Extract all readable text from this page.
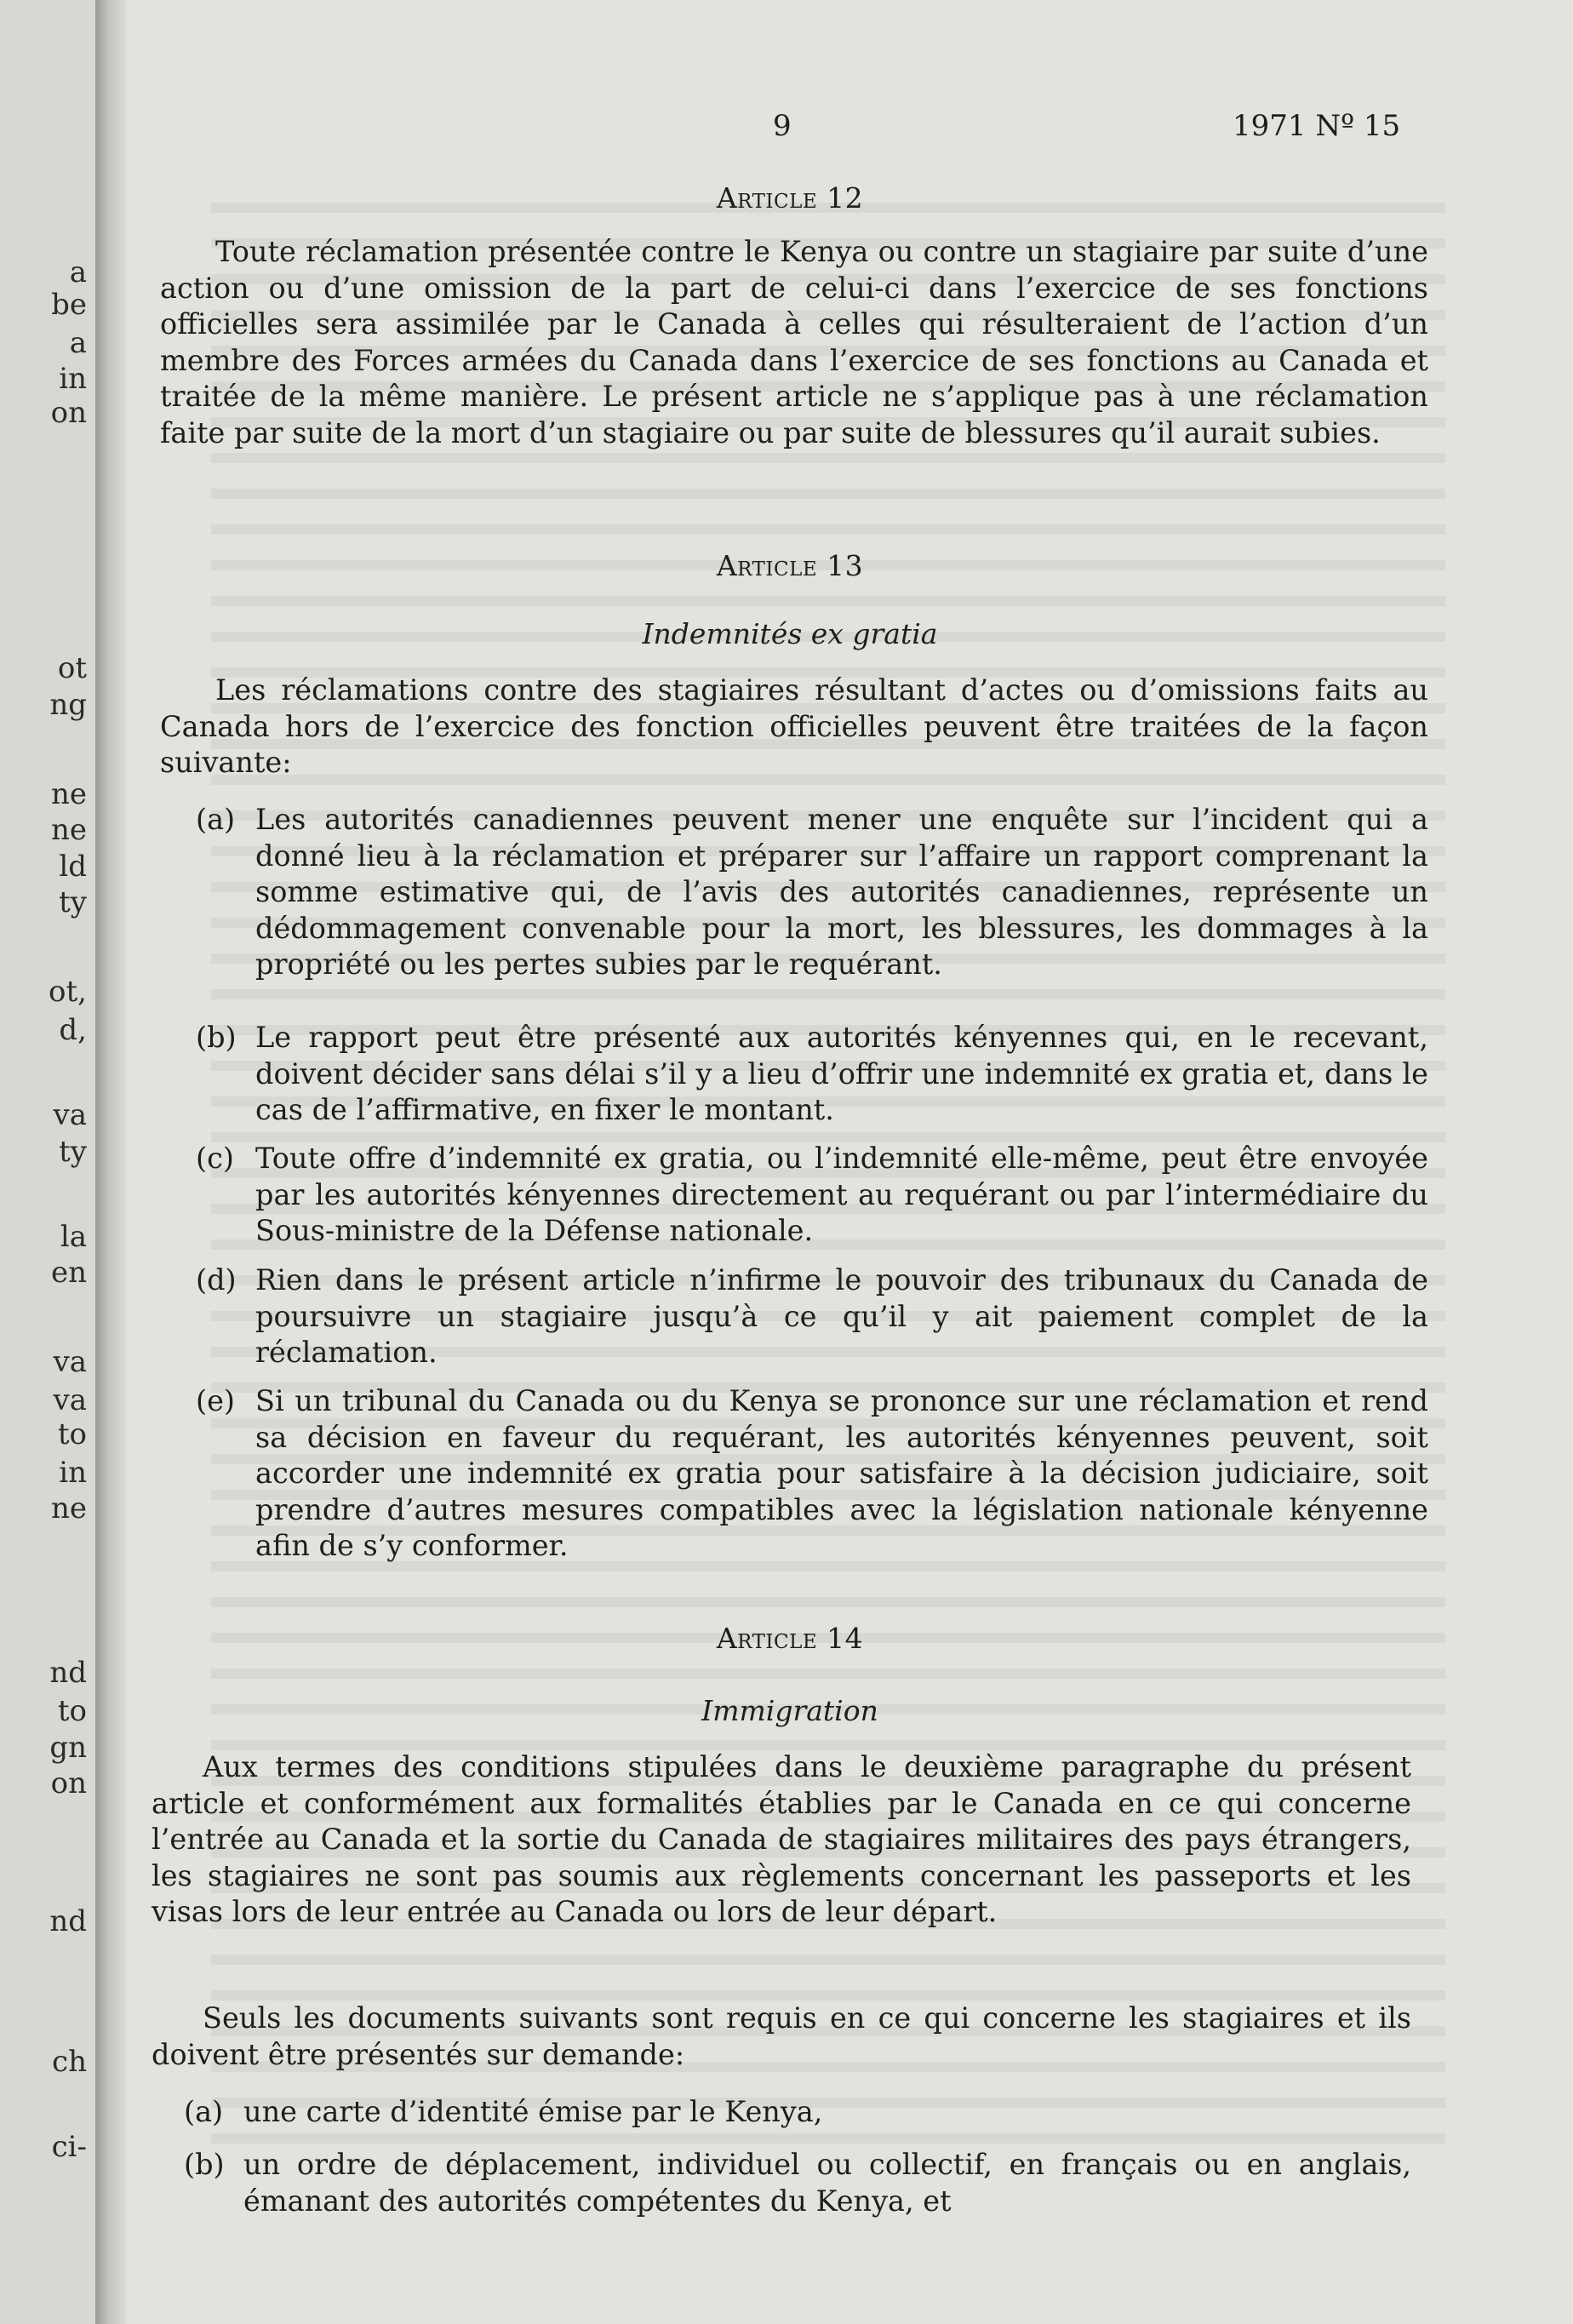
a
be
a
in
on
ot
ng
ne
ne
ld
ty
ot,
d,
va
ty
la
en
va
va
to
in
ne
nd
to
gn
on
nd
ch
ci-
9	1971 Nº 15
Article 12

Toute réclamation présentée contre le Kenya ou contre un stagiaire par suite d’une action ou d’une omission de la part de celui-ci dans l’exercice de ses fonctions officielles sera assimilée par le Canada à celles qui résulteraient de l’action d’un membre des Forces armées du Canada dans l’exercice de ses fonctions au Canada et traitée de la même manière. Le présent article ne s’applique pas à une réclamation faite par suite de la mort d’un stagiaire ou par suite de blessures qu’il aurait subies.

Article 13
Indemnités ex gratia

Les réclamations contre des stagiaires résultant d’actes ou d’omissions faits au Canada hors de l’exercice des fonction officielles peuvent être traitées de la façon suivante:

(a) Les autorités canadiennes peuvent mener une enquête sur l’incident qui a donné lieu à la réclamation et préparer sur l’affaire un rapport comprenant la somme estimative qui, de l’avis des autorités canadiennes, représente un dédommagement convenable pour la mort, les blessures, les dommages à la propriété ou les pertes subies par le requérant.
(b) Le rapport peut être présenté aux autorités kényennes qui, en le recevant, doivent décider sans délai s’il y a lieu d’offrir une indemnité ex gratia et, dans le cas de l’affirmative, en fixer le montant.
(c) Toute offre d’indemnité ex gratia, ou l’indemnité elle-même, peut être envoyée par les autorités kényennes directement au requérant ou par l’intermédiaire du Sous-ministre de la Défense nationale.
(d) Rien dans le présent article n’infirme le pouvoir des tribunaux du Canada de poursuivre un stagiaire jusqu’à ce qu’il y ait paiement complet de la réclamation.
(e) Si un tribunal du Canada ou du Kenya se prononce sur une réclamation et rend sa décision en faveur du requérant, les autorités kényennes peuvent, soit accorder une indemnité ex gratia pour satisfaire à la décision judiciaire, soit prendre d’autres mesures compatibles avec la législation nationale kényenne afin de s’y conformer.
Article 14
Immigration

Aux termes des conditions stipulées dans le deuxième paragraphe du présent article et conformément aux formalités établies par le Canada en ce qui concerne l’entrée au Canada et la sortie du Canada de stagiaires militaires des pays étrangers, les stagiaires ne sont pas soumis aux règlements concernant les passeports et les visas lors de leur entrée au Canada ou lors de leur départ.

Seuls les documents suivants sont requis en ce qui concerne les stagiaires et ils doivent être présentés sur demande:

(a) une carte d’identité émise par le Kenya,
(b) un ordre de déplacement, individuel ou collectif, en français ou en anglais, émanant des autorités compétentes du Kenya, et
